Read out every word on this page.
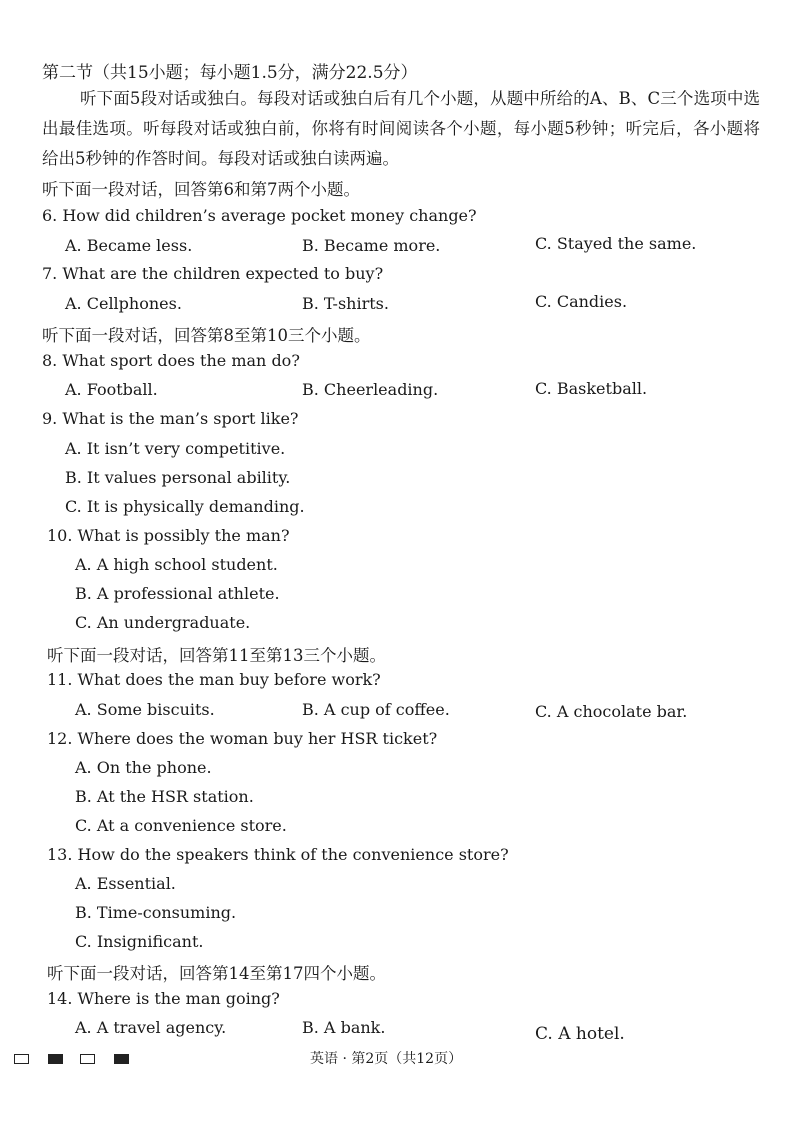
第二节（共15小题；每小题1.5分，满分22.5分）
听下面5段对话或独白。每段对话或独白后有几个小题，从题中所给的A、B、C三个选项中选出最佳选项。听每段对话或独白前，你将有时间阅读各个小题，每小题5秒钟；听完后，各小题将给出5秒钟的作答时间。每段对话或独白读两遍。
听下面一段对话，回答第6和第7两个小题。
6. How did children’s average pocket money change?
A. Became less.	B. Became more.	C. Stayed the same.
7. What are the children expected to buy?
A. Cellphones.	B. T-shirts.	C. Candies.
听下面一段对话，回答第8至第10三个小题。
8. What sport does the man do?
A. Football.	B. Cheerleading.	C. Basketball.
9. What is the man’s sport like?
A. It isn’t very competitive.
B. It values personal ability.
C. It is physically demanding.
10. What is possibly the man?
A. A high school student.
B. A professional athlete.
C. An undergraduate.
听下面一段对话，回答第11至第13三个小题。
11. What does the man buy before work?
A. Some biscuits.	B. A cup of coffee.	C. A chocolate bar.
12. Where does the woman buy her HSR ticket?
A. On the phone.
B. At the HSR station.
C. At a convenience store.
13. How do the speakers think of the convenience store?
A. Essential.
B. Time-consuming.
C. Insignificant.
听下面一段对话，回答第14至第17四个小题。
14. Where is the man going?
A. A travel agency.	B. A bank.	C. A hotel.
英语 · 第2页（共12页）
